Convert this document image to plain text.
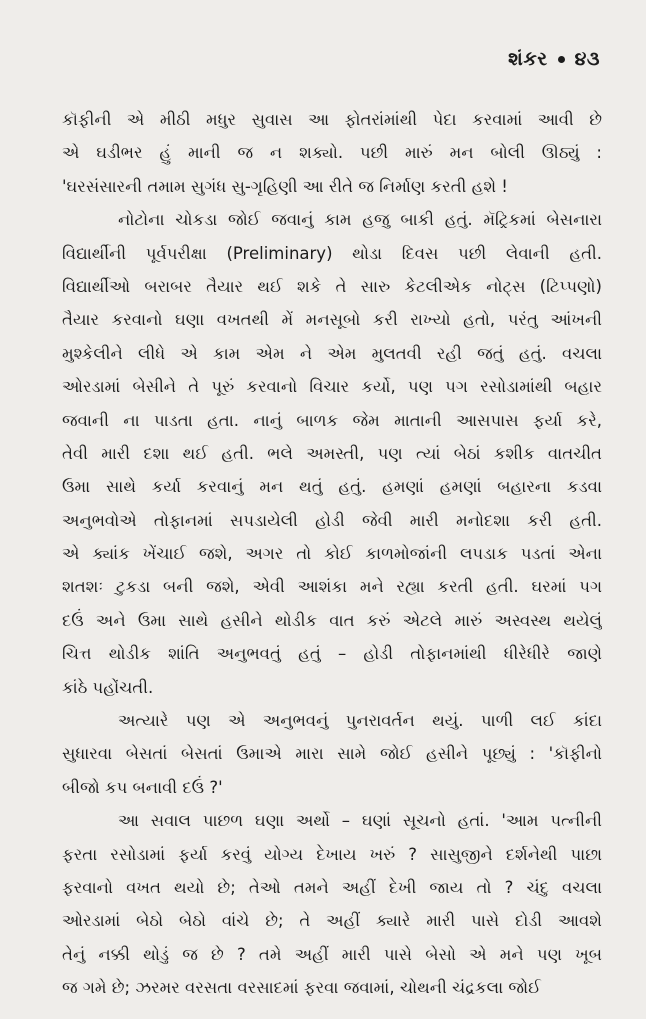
શંકર ૪૩
કૉફીની એ મીઠી મધુર સુવાસ આ ફોતરાંમાંથી પેદા કરવામાં આવી છે
એ ઘડીભર હું માની જ ન શક્યો. પછી મારું મન બોલી ઊઠ્યું :
'ઘરસંસારની તમામ સુગંધ સુ-ગૃહિણી આ રીતે જ નિર્માણ કરતી હશે !
નોટોના ચોકડા જોઈ જવાનું કામ હજુ બાકી હતું. મૅટ્રિકમાં બેસનારા
વિદ્યાર્થીની પૂર્વપરીક્ષા (Preliminary) થોડા દિવસ પછી લેવાની હતી.
વિદ્યાર્થીઓ બરાબર તૈયાર થઈ શકે તે સારુ કેટલીએક નોટ્સ (ટિપ્પણો)
તૈયાર કરવાનો ઘણા વખતથી મેં મનસૂબો કરી રાખ્યો હતો, પરંતુ આંખની
મુશ્કેલીને લીધે એ કામ એમ ને એમ મુલતવી રહી જતું હતું. વચલા
ઓરડામાં બેસીને તે પૂરું કરવાનો વિચાર કર્યો, પણ પગ રસોડામાંથી બહાર
જવાની ના પાડતા હતા. નાનું બાળક જેમ માતાની આસપાસ ફર્યા કરે,
તેવી મારી દશા થઈ હતી. ભલે અમસ્તી, પણ ત્યાં બેઠાં કશીક વાતચીત
ઉમા સાથે કર્યા કરવાનું મન થતું હતું. હમણાં હમણાં બહારના કડવા
અનુભવોએ તોફાનમાં સપડાયેલી હોડી જેવી મારી મનોદશા કરી હતી.
એ ક્યાંક ખેંચાઈ જશે, અગર તો કોઈ કાળમોજાંની લપડાક પડતાં એના
શતશઃ ટુકડા બની જશે, એવી આશંકા મને રહ્યા કરતી હતી. ઘરમાં પગ
દઉં અને ઉમા સાથે હસીને થોડીક વાત કરું એટલે મારું અસ્વસ્થ થયેલું
ચિત્ત થોડીક શાંતિ અનુભવતું હતું – હોડી તોફાનમાંથી ધીરેધીરે જાણે
કાંઠે પહોંચતી.
અત્યારે પણ એ અનુભવનું પુનરાવર્તન થયું. પાળી લઈ કાંદા
સુધારવા બેસતાં બેસતાં ઉમાએ મારા સામે જોઈ હસીને પૂછ્યું : 'કૉફીનો
બીજો કપ બનાવી દઉં ?'
આ સવાલ પાછળ ઘણા અર્થો – ઘણાં સૂચનો હતાં. 'આમ પત્નીની
ફરતા રસોડામાં ફર્યા કરવું યોગ્ય દેખાય ખરું ? સાસુજીને દર્શનેથી પાછા
ફરવાનો વખત થયો છે; તેઓ તમને અહીં દેખી જાય તો ? ચંદુ વચલા
ઓરડામાં બેઠો બેઠો વાંચે છે; તે અહીં ક્યારે મારી પાસે દોડી આવશે
તેનું નક્કી થોડું જ છે ? તમે અહીં મારી પાસે બેસો એ મને પણ ખૂબ
જ ગમે છે; ઝરમર વરસતા વરસાદમાં ફરવા જવામાં, ચોથની ચંદ્રકલા જોઈ
